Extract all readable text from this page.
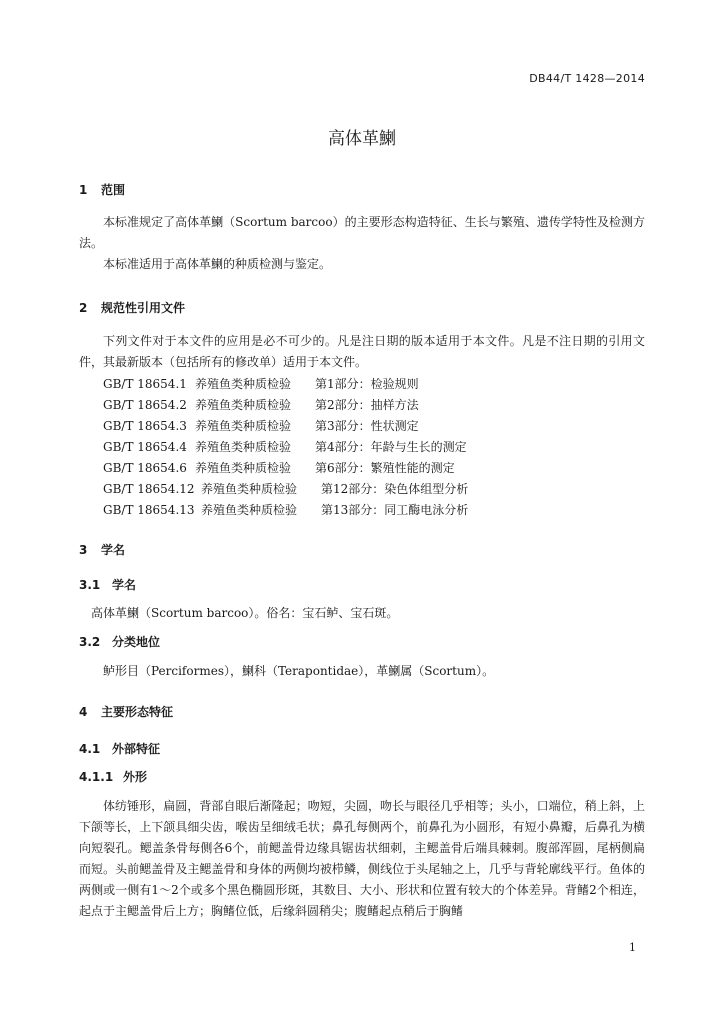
DB44/T 1428—2014
高体革鯻
1 范围
本标准规定了高体革鯻（Scortum barcoo）的主要形态构造特征、生长与繁殖、遗传学特性及检测方法。
本标准适用于高体革鯻的种质检测与鉴定。
2 规范性引用文件
下列文件对于本文件的应用是必不可少的。凡是注日期的版本适用于本文件。凡是不注日期的引用文件，其最新版本（包括所有的修改单）适用于本文件。
GB/T 18654.1 养殖鱼类种质检验 第1部分：检验规则
GB/T 18654.2 养殖鱼类种质检验 第2部分：抽样方法
GB/T 18654.3 养殖鱼类种质检验 第3部分：性状测定
GB/T 18654.4 养殖鱼类种质检验 第4部分：年龄与生长的测定
GB/T 18654.6 养殖鱼类种质检验 第6部分：繁殖性能的测定
GB/T 18654.12 养殖鱼类种质检验 第12部分：染色体组型分析
GB/T 18654.13 养殖鱼类种质检验 第13部分：同工酶电泳分析
3 学名
3.1 学名
高体革鯻（Scortum barcoo）。俗名：宝石鲈、宝石斑。
3.2 分类地位
鲈形目（Perciformes），鯻科（Terapontidae），革鯻属（Scortum）。
4 主要形态特征
4.1 外部特征
4.1.1 外形
体纺锤形，扁圆，背部自眼后渐隆起；吻短，尖圆，吻长与眼径几乎相等；头小，口端位，稍上斜，上下颌等长，上下颌具细尖齿，喉齿呈细绒毛状；鼻孔每侧两个，前鼻孔为小圆形，有短小鼻瓣，后鼻孔为横向短裂孔。鳃盖条骨每侧各6个，前鳃盖骨边缘具锯齿状细刺，主鳃盖骨后端具棘刺。腹部浑圆，尾柄侧扁而短。头前鳃盖骨及主鳃盖骨和身体的两侧均被栉鳞，侧线位于头尾轴之上，几乎与背轮廓线平行。鱼体的两侧或一侧有1～2个或多个黑色椭圆形斑，其数目、大小、形状和位置有较大的个体差异。背鳍2个相连，起点于主鳃盖骨后上方；胸鳍位低，后缘斜圆稍尖；腹鳍起点稍后于胸鳍
1
